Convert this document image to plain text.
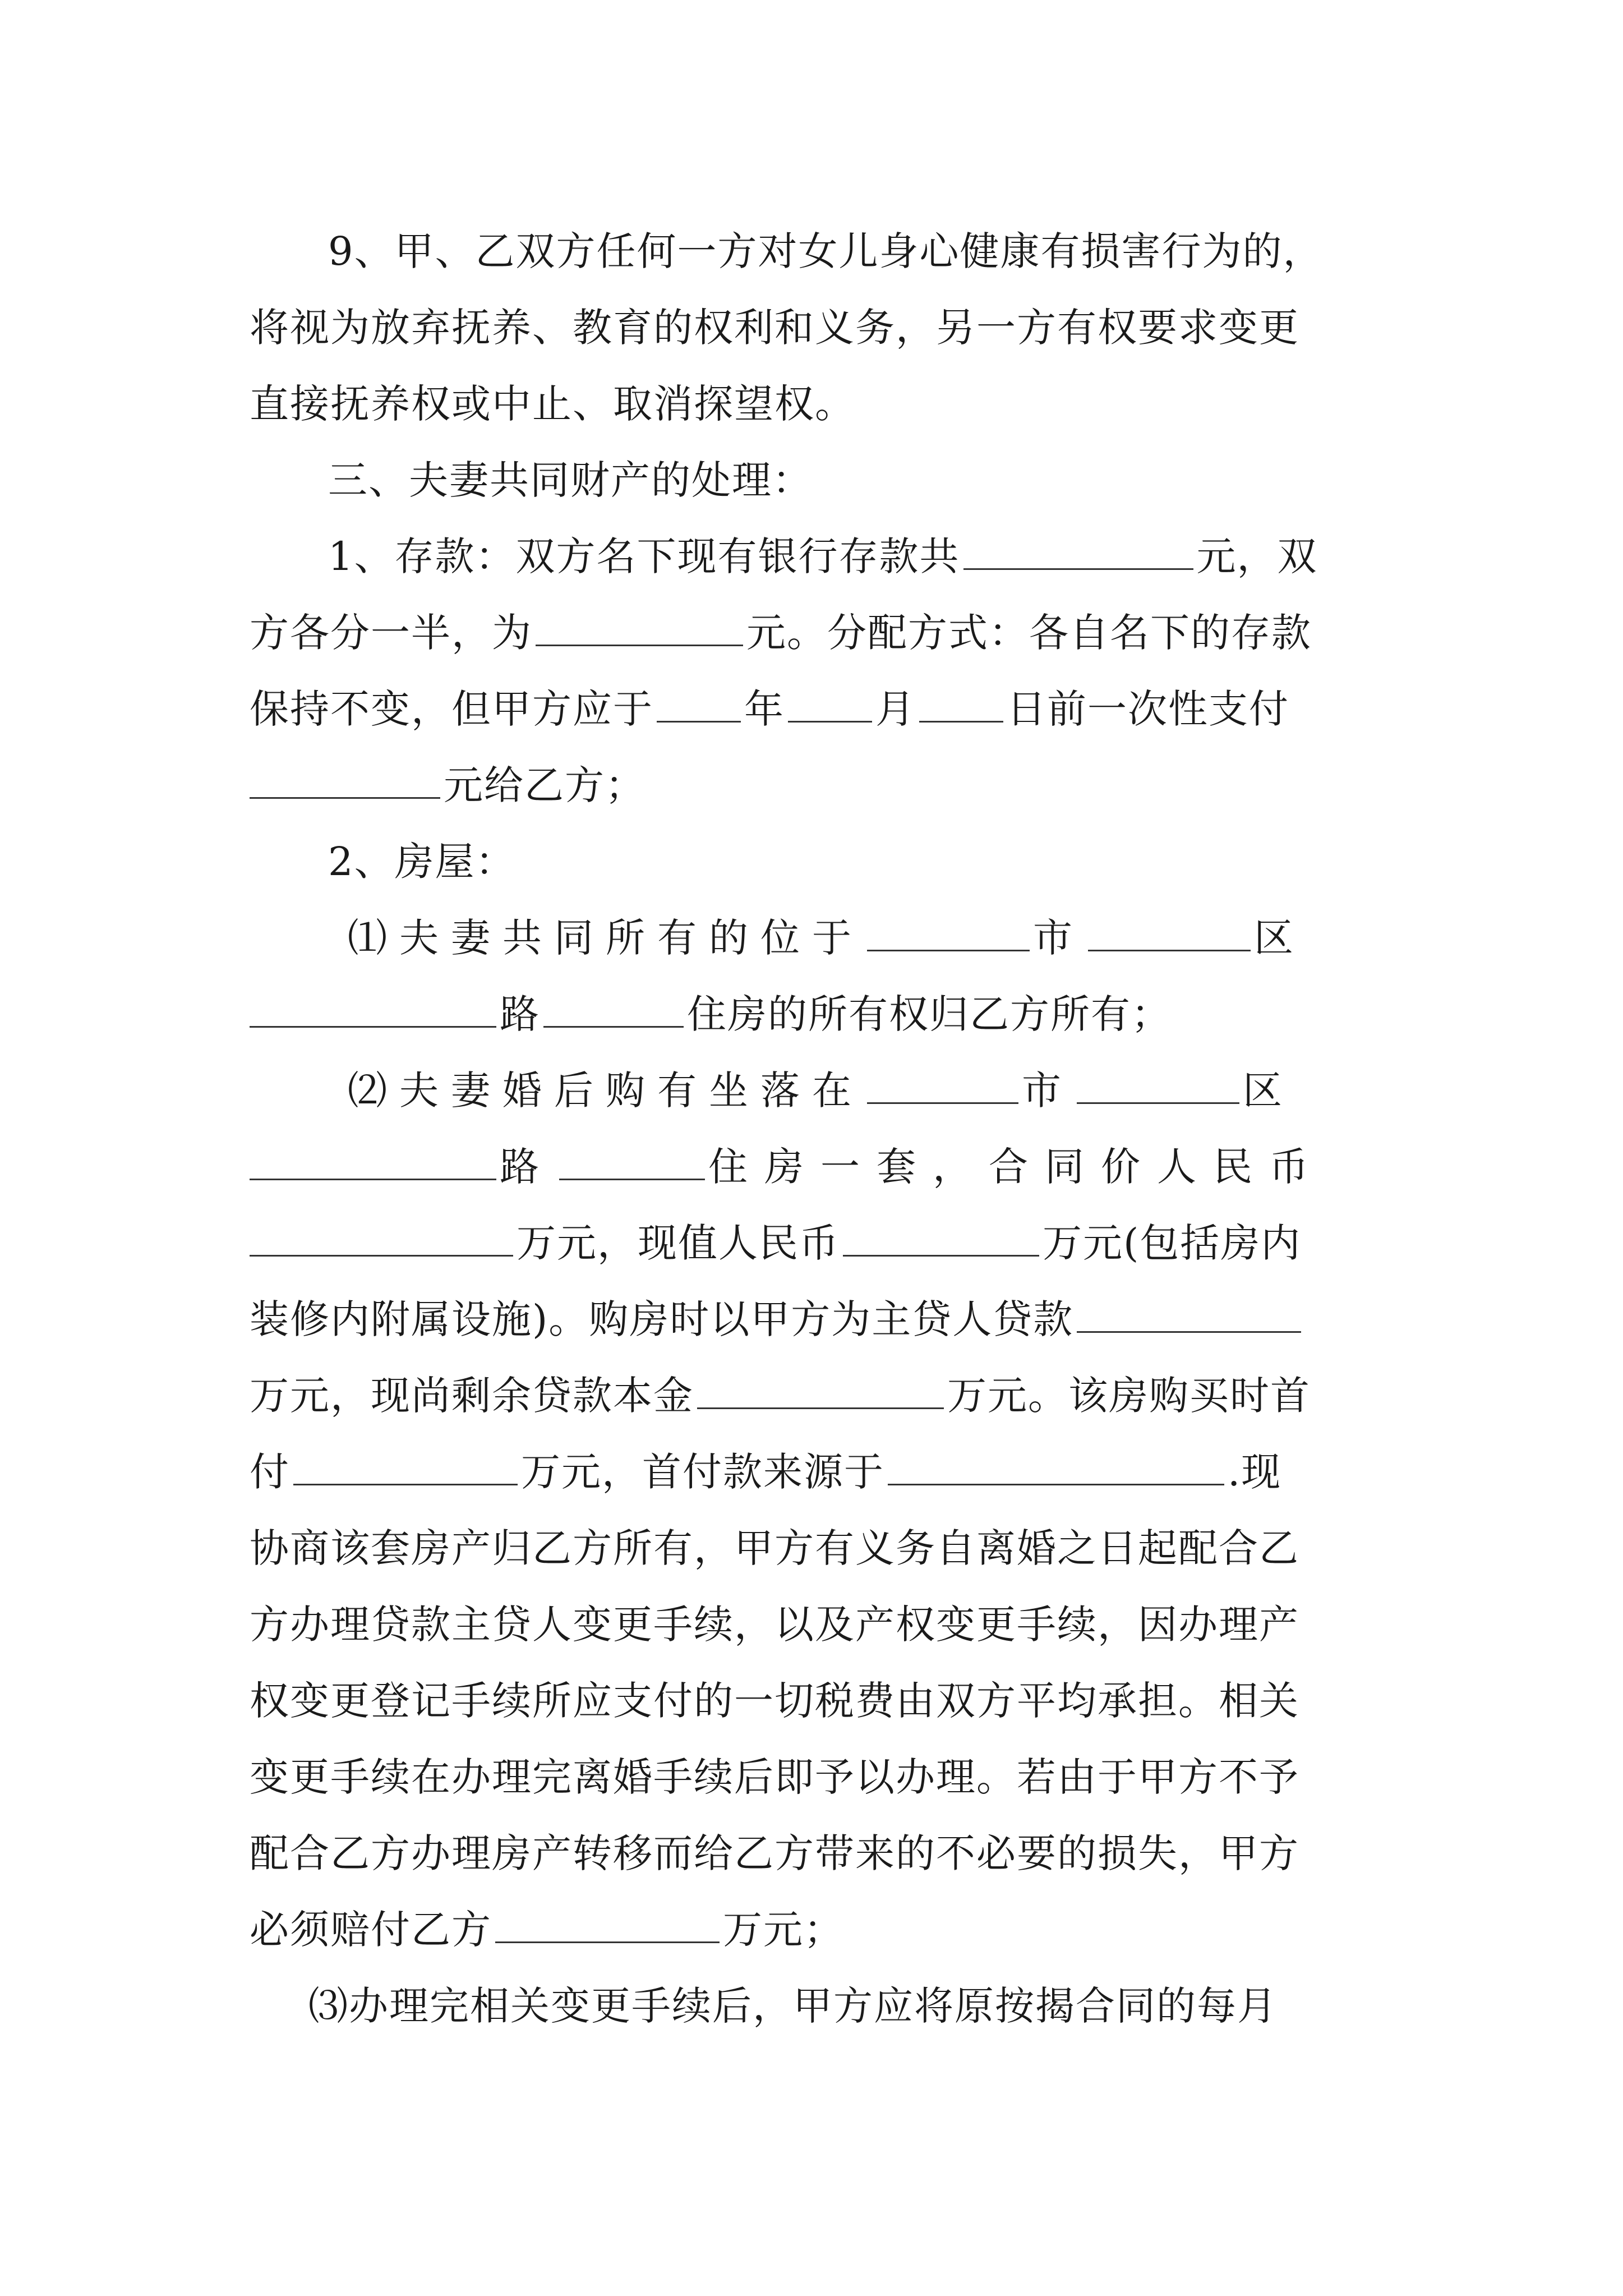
9、甲、乙双方任何一方对女儿身心健康有损害行为的，
将视为放弃抚养、教育的权利和义务，另一方有权要求变更
直接抚养权或中止、取消探望权。
三、夫妻共同财产的处理：
1、存款：双方名下现有银行存款共	元，双
方各分一半，为	元。分配方式：各自名下的存款
保持不变，但甲方应于 年 月 日前一次性支付
元给乙方；
2、房屋：
⑴夫妻共同所有的位于	市	区
路	住房的所有权归乙方所有；
⑵夫妻婚后购有坐落在	市	区
路	住房一套，合同价人民币
万元，现值人民币	万元(包括房内
装修内附属设施)。购房时以甲方为主贷人贷款
万元，现尚剩余贷款本金	万元。该房购买时首
付	万元，首付款来源于	.现
协商该套房产归乙方所有，甲方有义务自离婚之日起配合乙
方办理贷款主贷人变更手续，以及产权变更手续，因办理产
权变更登记手续所应支付的一切税费由双方平均承担。相关
变更手续在办理完离婚手续后即予以办理。若由于甲方不予
配合乙方办理房产转移而给乙方带来的不必要的损失，甲方
必须赔付乙方	万元；
⑶办理完相关变更手续后，甲方应将原按揭合同的每月
